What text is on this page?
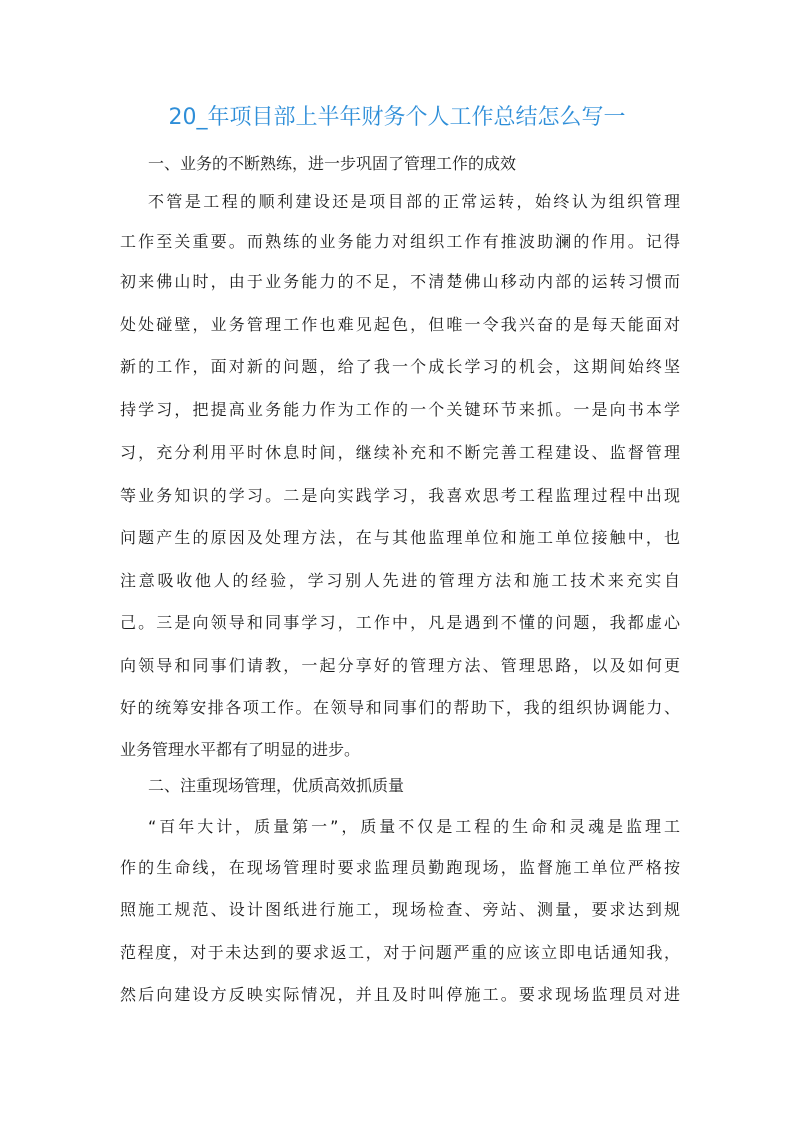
20_年项目部上半年财务个人工作总结怎么写一

一、业务的不断熟练，进一步巩固了管理工作的成效

不管是工程的顺利建设还是项目部的正常运转，始终认为组织管理

工作至关重要。而熟练的业务能力对组织工作有推波助澜的作用。记得

初来佛山时，由于业务能力的不足，不清楚佛山移动内部的运转习惯而

处处碰壁，业务管理工作也难见起色，但唯一令我兴奋的是每天能面对

新的工作，面对新的问题，给了我一个成长学习的机会，这期间始终坚

持学习，把提高业务能力作为工作的一个关键环节来抓。一是向书本学

习，充分利用平时休息时间，继续补充和不断完善工程建设、监督管理

等业务知识的学习。二是向实践学习，我喜欢思考工程监理过程中出现

问题产生的原因及处理方法，在与其他监理单位和施工单位接触中，也

注意吸收他人的经验，学习别人先进的管理方法和施工技术来充实自

己。三是向领导和同事学习，工作中，凡是遇到不懂的问题，我都虚心

向领导和同事们请教，一起分享好的管理方法、管理思路，以及如何更

好的统筹安排各项工作。在领导和同事们的帮助下，我的组织协调能力、

业务管理水平都有了明显的进步。

二、注重现场管理，优质高效抓质量

“百年大计，质量第一”，质量不仅是工程的生命和灵魂是监理工

作的生命线，在现场管理时要求监理员勤跑现场，监督施工单位严格按

照施工规范、设计图纸进行施工，现场检查、旁站、测量，要求达到规

范程度，对于未达到的要求返工，对于问题严重的应该立即电话通知我，

然后向建设方反映实际情况，并且及时叫停施工。要求现场监理员对进
